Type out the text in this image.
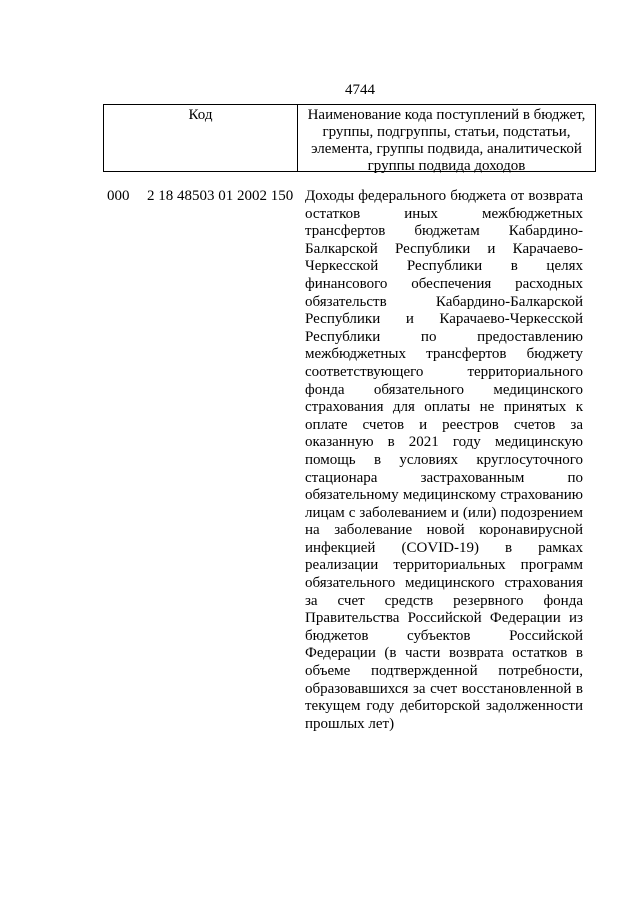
4744
Код	Наименование кода поступлений в бюджет, группы, подгруппы, статьи, подстатьи, элемента, группы подвида, аналитической группы подвида доходов
000 2 18 48503 01 2002 150 Доходы федерального бюджета от возврата остатков иных межбюджетных трансфертов бюджетам Кабардино-Балкарской Республики и Карачаево-Черкесской Республики в целях финансового обеспечения расходных обязательств Кабардино-Балкарской Республики и Карачаево-Черкесской Республики по предоставлению межбюджетных трансфертов бюджету соответствующего территориального фонда обязательного медицинского страхования для оплаты не принятых к оплате счетов и реестров счетов за оказанную в 2021 году медицинскую помощь в условиях круглосуточного стационара застрахованным по обязательному медицинскому страхованию лицам с заболеванием и (или) подозрением на заболевание новой коронавирусной инфекцией (COVID-19) в рамках реализации территориальных программ обязательного медицинского страхования за счет средств резервного фонда Правительства Российской Федерации из бюджетов субъектов Российской Федерации (в части возврата остатков в объеме подтвержденной потребности, образовавшихся за счет восстановленной в текущем году дебиторской задолженности прошлых лет)
